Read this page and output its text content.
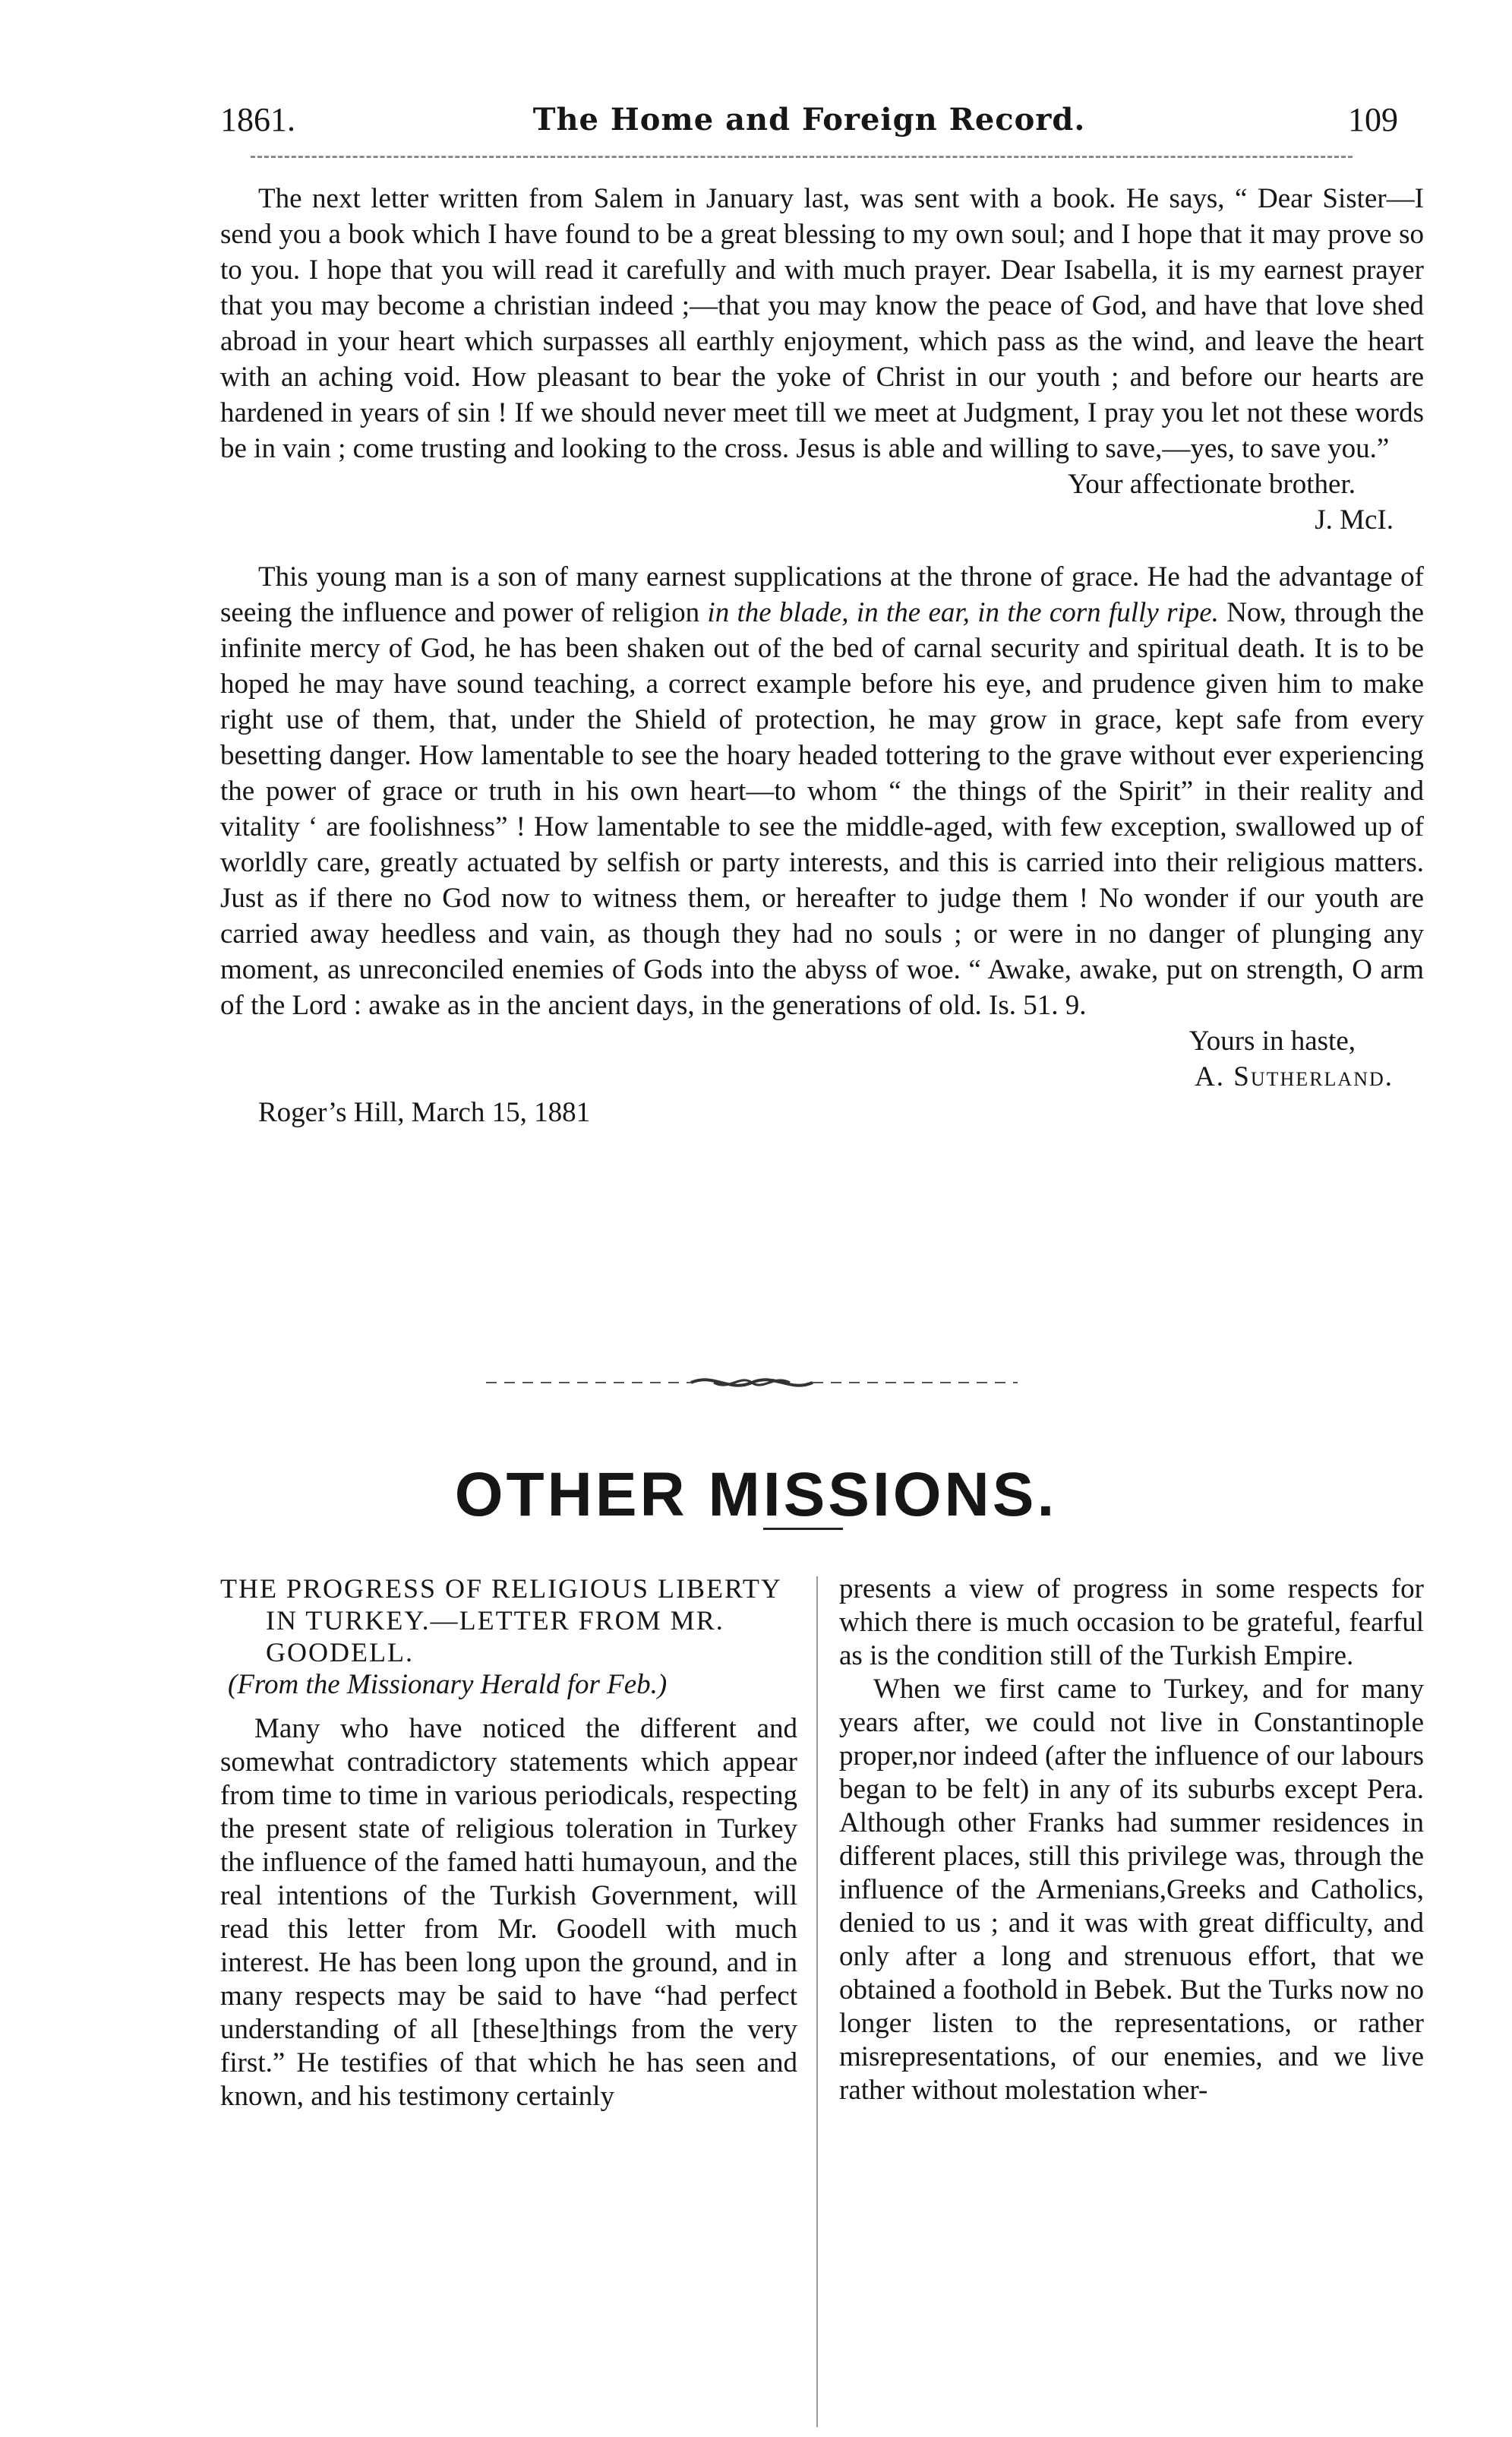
1861.	The Home and Foreign Record.	109

The next letter written from Salem in January last, was sent with a book. He says, “ Dear Sister—I send you a book which I have found to be a great blessing to my own soul; and I hope that it may prove so to you. I hope that you will read it carefully and with much prayer. Dear Isabella, it is my earnest prayer that you may become a christian indeed ;—that you may know the peace of God, and have that love shed abroad in your heart which surpasses all earthly enjoyment, which pass as the wind, and leave the heart with an aching void. How pleasant to bear the yoke of Christ in our youth ; and before our hearts are hardened in years of sin ! If we should never meet till we meet at Judgment, I pray you let not these words be in vain ; come trusting and looking to the cross. Jesus is able and willing to save,—yes, to save you.”

Your affectionate brother.

J. McI.

This young man is a son of many earnest supplications at the throne of grace. He had the advantage of seeing the influence and power of religion in the blade, in the ear, in the corn fully ripe. Now, through the infinite mercy of God, he has been shaken out of the bed of carnal security and spiritual death. It is to be hoped he may have sound teaching, a correct example before his eye, and prudence given him to make right use of them, that, under the Shield of protection, he may grow in grace, kept safe from every besetting danger. How lamentable to see the hoary headed tottering to the grave without ever experiencing the power of grace or truth in his own heart—to whom “ the things of the Spirit” in their reality and vitality ‘ are foolishness” ! How lamentable to see the middle-aged, with few exception, swallowed up of worldly care, greatly actuated by selfish or party interests, and this is carried into their religious matters. Just as if there no God now to witness them, or hereafter to judge them ! No wonder if our youth are carried away heedless and vain, as though they had no souls ; or were in no danger of plunging any moment, as unreconciled enemies of Gods into the abyss of woe. “ Awake, awake, put on strength, O arm of the Lord : awake as in the ancient days, in the generations of old. Is. 51. 9.

Yours in haste,

A. Sutherland.

Roger’s Hill, March 15, 1881

OTHER MISSIONS.

THE PROGRESS OF RELIGIOUS LIBERTY IN TURKEY.—LETTER FROM MR. GOODELL.

(From the Missionary Herald for Feb.)

Many who have noticed the different and somewhat contradictory statements which appear from time to time in various periodicals, respecting the present state of religious toleration in Turkey the influence of the famed hatti humayoun, and the real intentions of the Turkish Government, will read this letter from Mr. Goodell with much interest. He has been long upon the ground, and in many respects may be said to have “had perfect understanding of all [these]things from the very first.” He testifies of that which he has seen and known, and his testimony certainly

presents a view of progress in some respects for which there is much occasion to be grateful, fearful as is the condition still of the Turkish Empire.

When we first came to Turkey, and for many years after, we could not live in Constantinople proper,nor indeed (after the influence of our labours began to be felt) in any of its suburbs except Pera. Although other Franks had summer residences in different places, still this privilege was, through the influence of the Armenians,Greeks and Catholics, denied to us ; and it was with great difficulty, and only after a long and strenuous effort, that we obtained a foothold in Bebek. But the Turks now no longer listen to the representations, or rather misrepresentations, of our enemies, and we live rather without molestation wher-
